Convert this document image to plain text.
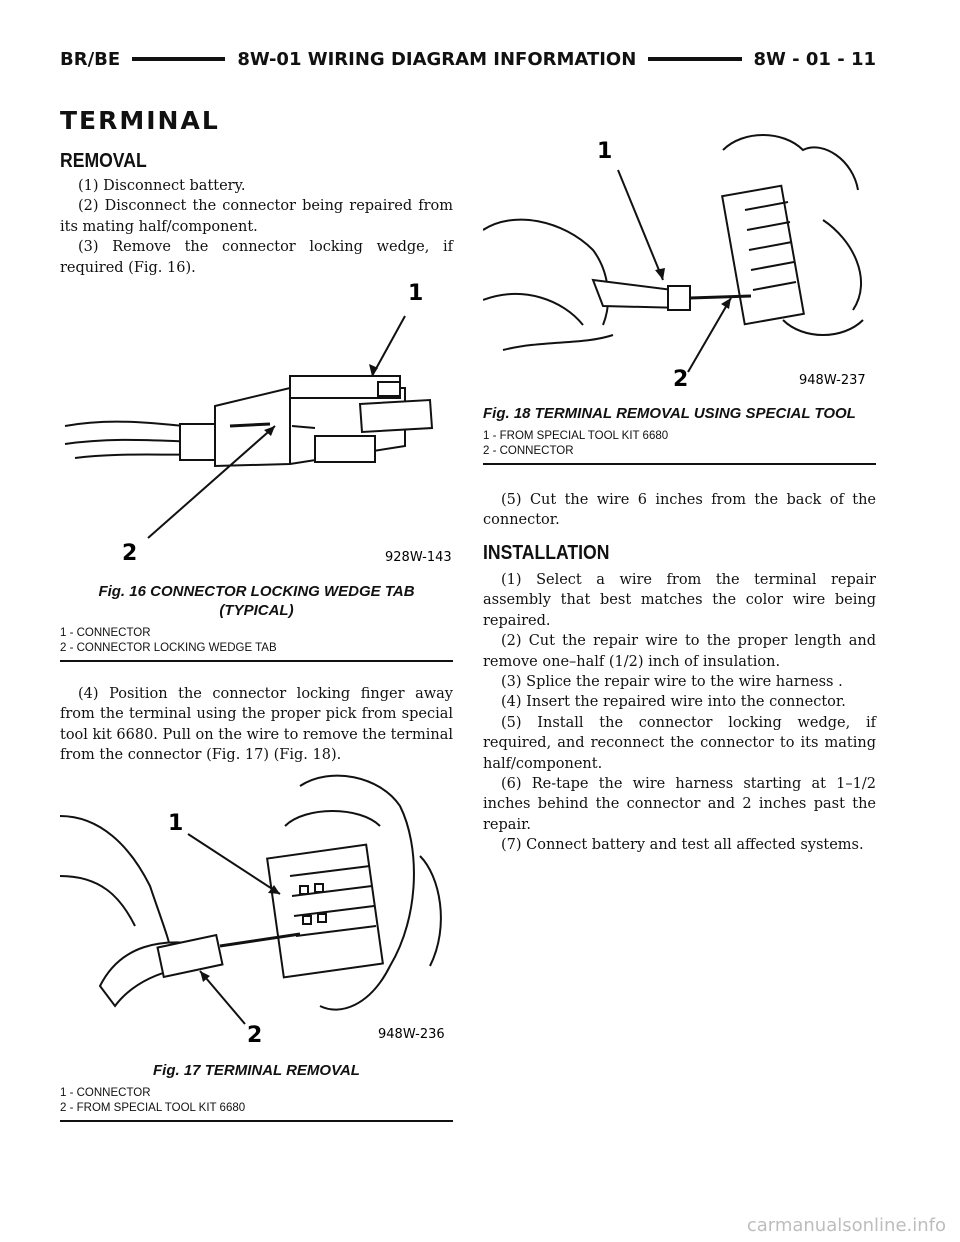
BR/BE	8W-01 WIRING DIAGRAM INFORMATION	8W - 01 - 11
TERMINAL
REMOVAL

(1) Disconnect battery.

(2) Disconnect the connector being repaired from its mating half/component.

(3) Remove the connector locking wedge, if required (Fig. 16).

1
2	928W-143
Fig. 16 CONNECTOR LOCKING WEDGE TAB (TYPICAL)
1 - CONNECTOR
2 - CONNECTOR LOCKING WEDGE TAB

(4) Position the connector locking finger away from the terminal using the proper pick from special tool kit 6680. Pull on the wire to remove the terminal from the connector (Fig. 17) (Fig. 18).

1
2	948W-236
Fig. 17 TERMINAL REMOVAL
1 - CONNECTOR
2 - FROM SPECIAL TOOL KIT 6680
1
2	948W-237
Fig. 18 TERMINAL REMOVAL USING SPECIAL TOOL
1 - FROM SPECIAL TOOL KIT 6680
2 - CONNECTOR

(5) Cut the wire 6 inches from the back of the connector.

INSTALLATION

(1) Select a wire from the terminal repair assembly that best matches the color wire being repaired.

(2) Cut the repair wire to the proper length and remove one–half (1/2) inch of insulation.

(3) Splice the repair wire to the wire harness .

(4) Insert the repaired wire into the connector.

(5) Install the connector locking wedge, if required, and reconnect the connector to its mating half/component.

(6) Re-tape the wire harness starting at 1–1/2 inches behind the connector and 2 inches past the repair.

(7) Connect battery and test all affected systems.

carmanualsonline.info
